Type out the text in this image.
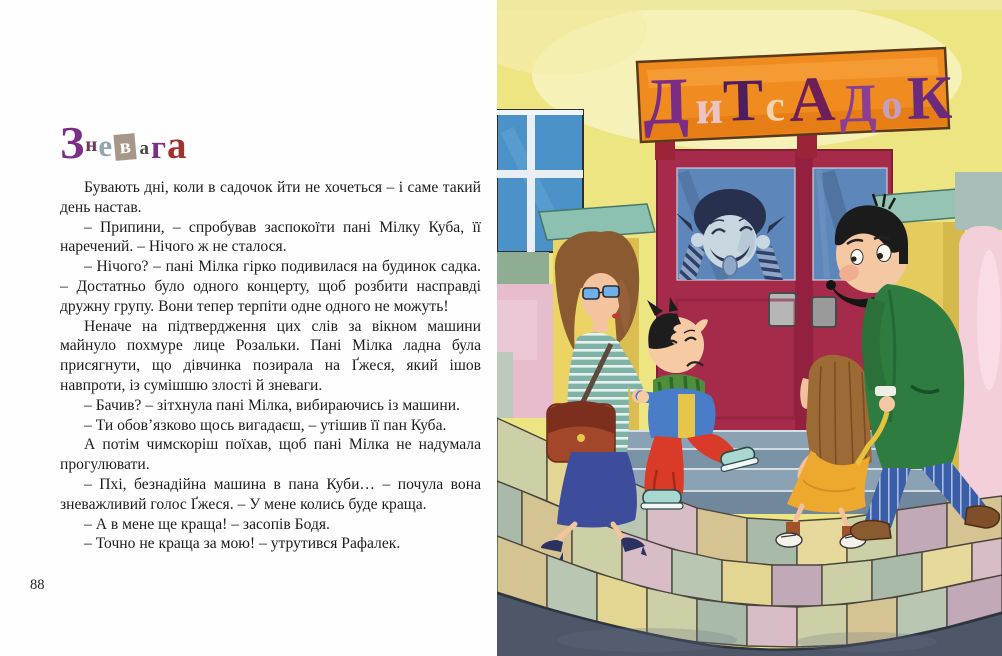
Зне в ага

Бувають дні, коли в садочок йти не хочеться – і саме такий день настав.

– Припини, – спробував заспокоїти пані Мілку Куба, її наречений. – Нічого ж не сталося.

– Нічого? – пані Мілка гірко подивилася на будинок садка. – Достатньо було одного концерту, щоб розбити насправді дружну групу. Вони тепер терпіти одне одного не можуть!

Неначе на підтвердження цих слів за вікном машини майнуло похмуре лице Розальки. Пані Мілка ладна була присягнути, що дівчинка позирала на Ґжеся, який ішов навпроти, із сумішшю злості й зневаги.

– Бачив? – зітхнула пані Мілка, вибираючись із машини.

– Ти обов’язково щось вигадаєш, – утішив її пан Куба.

А потім чимскоріш поїхав, щоб пані Мілка не надумала прогулювати.

– Пхі, безнадійна машина в пана Куби… – почула вона зневажливий голос Ґжеся. – У мене колись буде краща.

– А в мене ще краща! – засопів Бодя.

– Точно не краща за мою! – утрутився Рафалек.

88
Д и
Т с А Д о К
